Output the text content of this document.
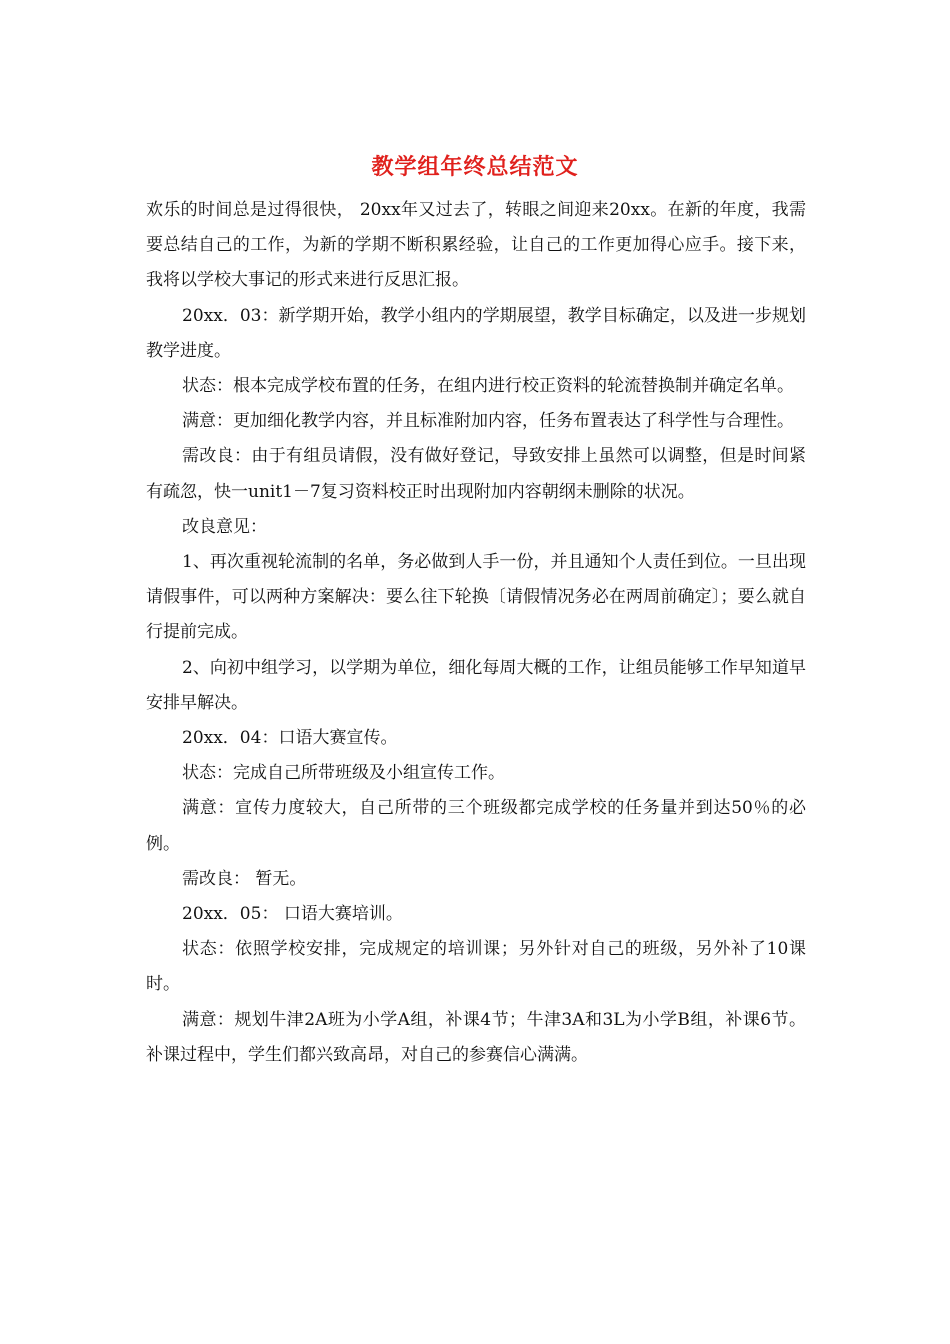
教学组年终总结范文

欢乐的时间总是过得很快， 20xx年又过去了，转眼之间迎来20xx。在新的年度，我需要总结自己的工作，为新的学期不断积累经验，让自己的工作更加得心应手。接下来，我将以学校大事记的形式来进行反思汇报。

20xx．03：新学期开始，教学小组内的学期展望，教学目标确定，以及进一步规划教学进度。

状态：根本完成学校布置的任务，在组内进行校正资料的轮流替换制并确定名单。

满意：更加细化教学内容，并且标准附加内容，任务布置表达了科学性与合理性。

需改良：由于有组员请假，没有做好登记，导致安排上虽然可以调整，但是时间紧有疏忽，快一unit1－7复习资料校正时出现附加内容朝纲未删除的状况。

改良意见：

1、再次重视轮流制的名单，务必做到人手一份，并且通知个人责任到位。一旦出现请假事件，可以两种方案解决：要么往下轮换〔请假情况务必在两周前确定〕；要么就自行提前完成。

2、向初中组学习，以学期为单位，细化每周大概的工作，让组员能够工作早知道早安排早解决。

20xx．04：口语大赛宣传。

状态：完成自己所带班级及小组宣传工作。

满意：宣传力度较大，自己所带的三个班级都完成学校的任务量并到达50％的必例。

需改良： 暂无。

20xx．05： 口语大赛培训。

状态：依照学校安排，完成规定的培训课；另外针对自己的班级，另外补了10课时。

满意：规划牛津2A班为小学A组，补课4节；牛津3A和3L为小学B组，补课6节。补课过程中，学生们都兴致高昂，对自己的参赛信心满满。
